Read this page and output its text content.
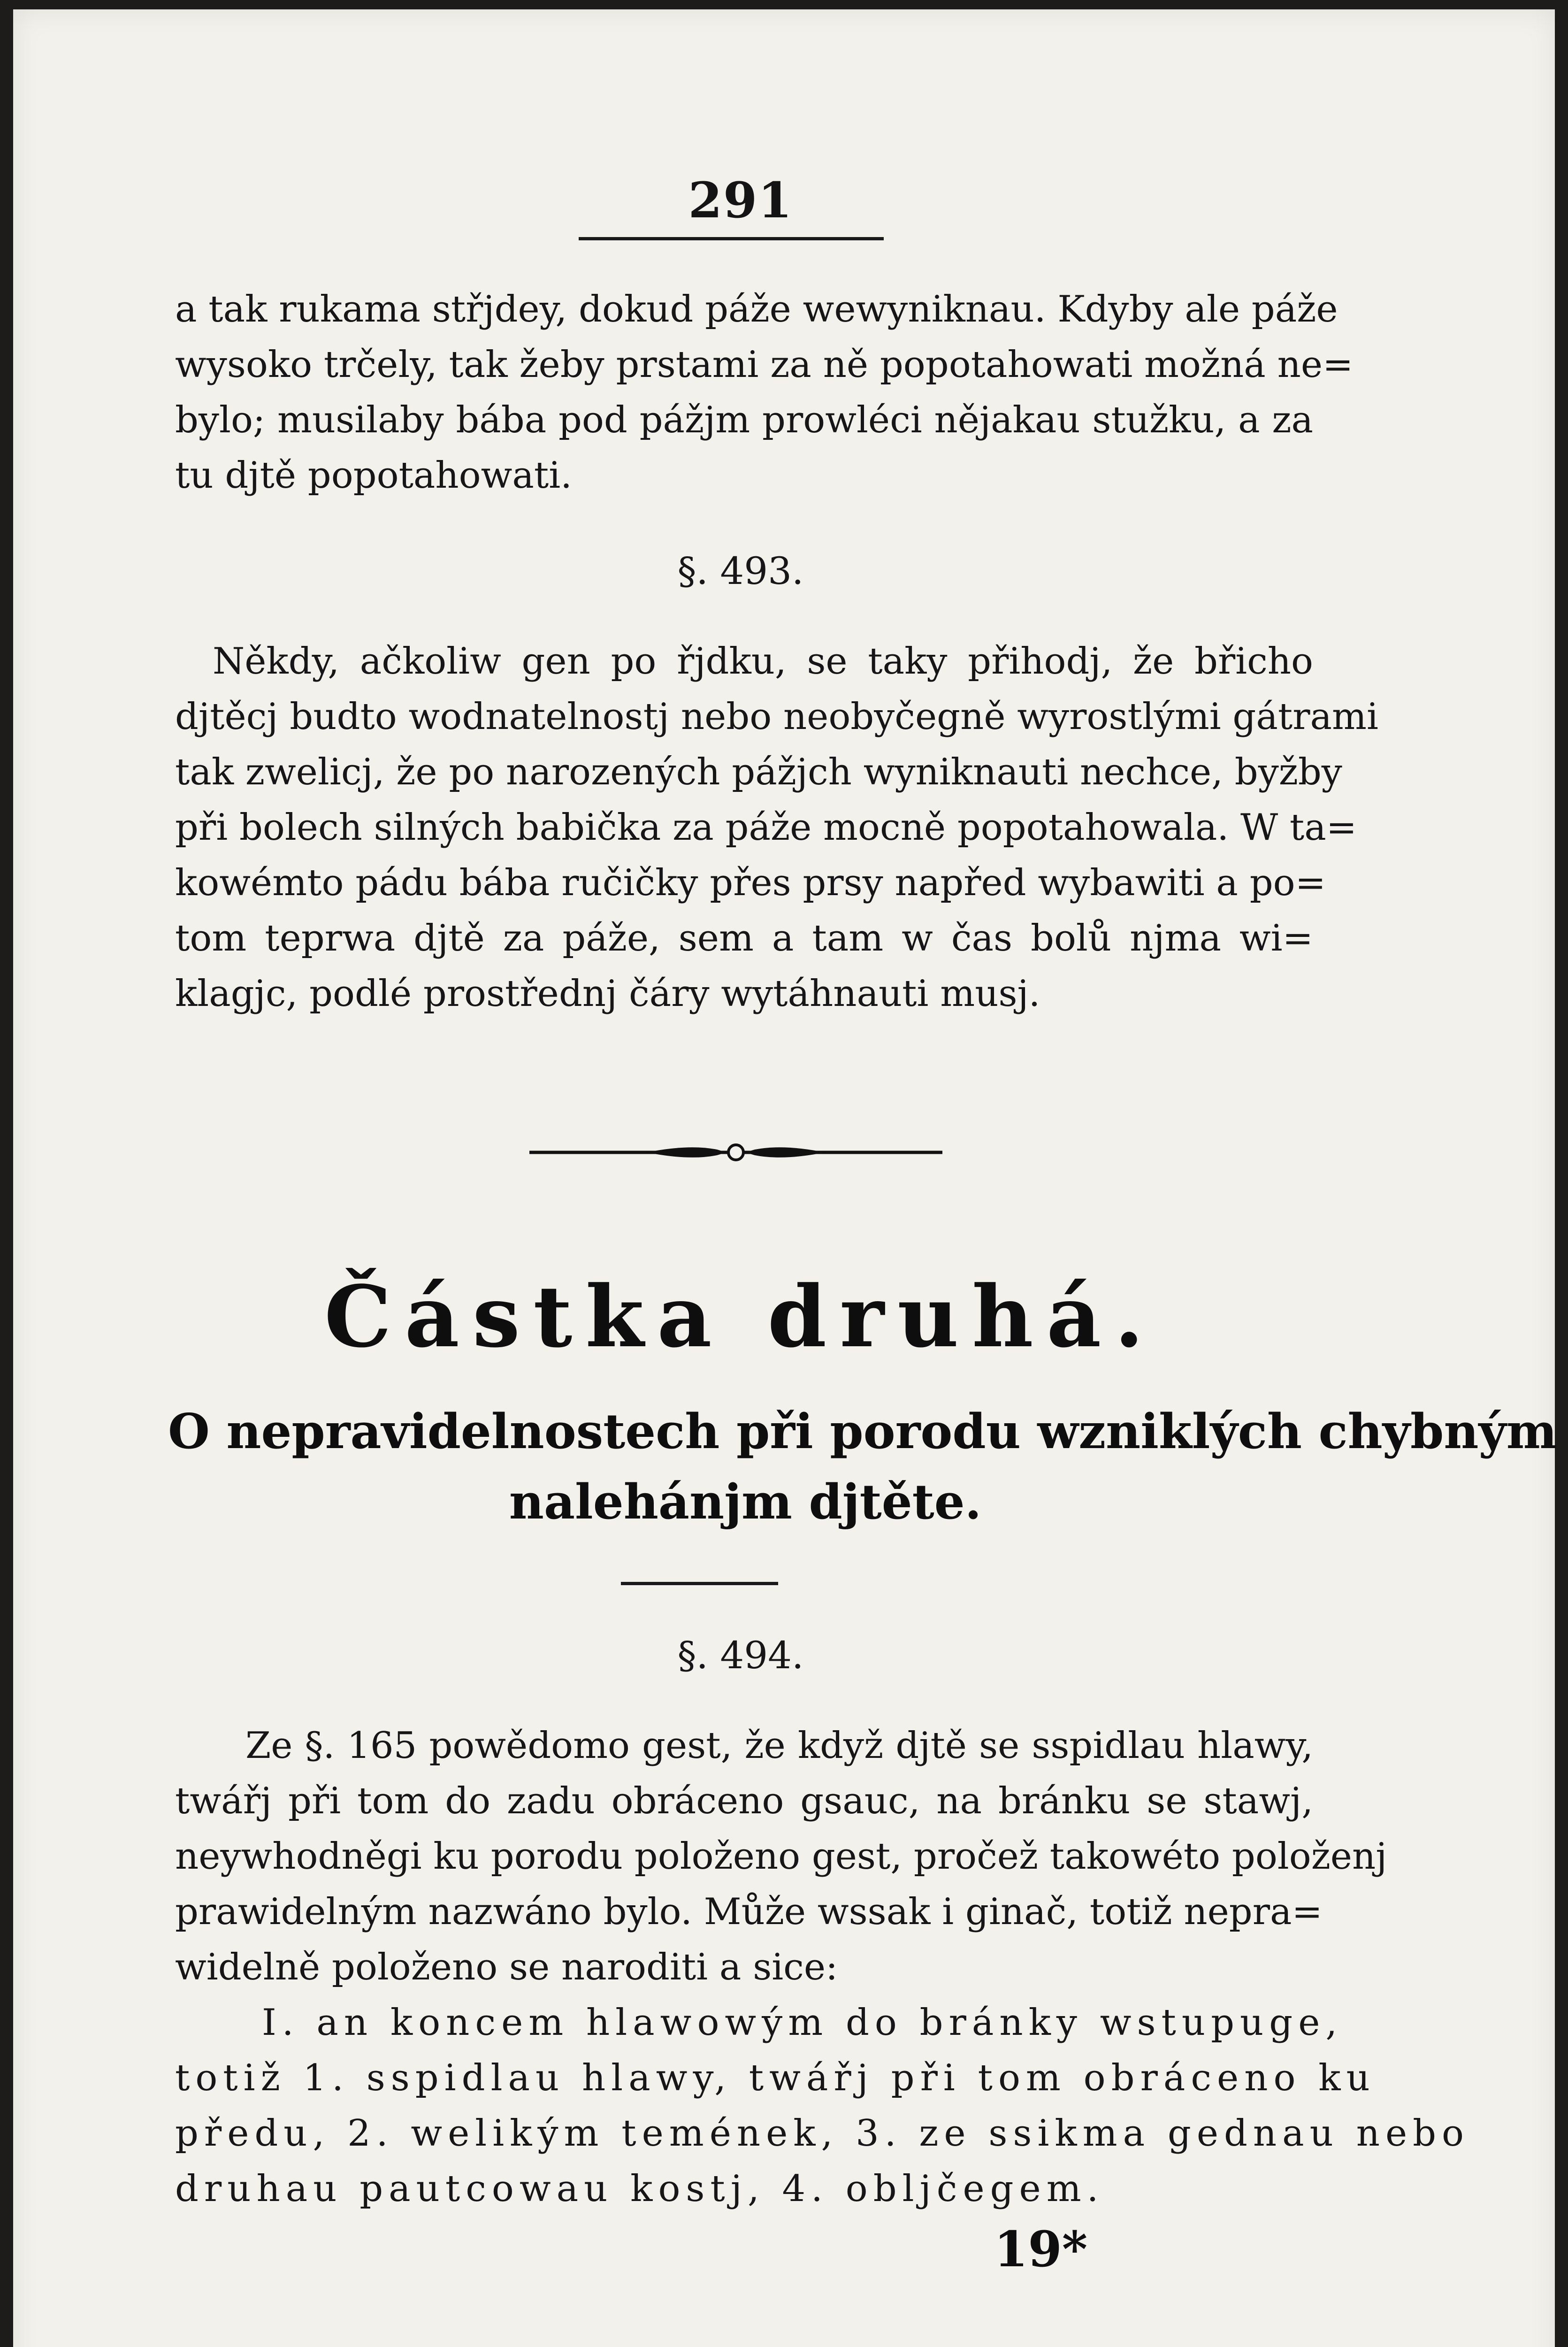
291
a tak rukama střjdey, dokud páže wewyniknau. Kdyby ale páže
wysoko trčely, tak žeby prstami za ně popotahowati možná ne=
bylo; musilaby bába pod pážjm prowléci nějakau stužku, a za
tu djtě popotahowati.
§. 493.
Někdy, ačkoliw gen po řjdku, se taky přihodj, že břicho
djtěcj budto wodnatelnostj nebo neobyčegně wyrostlými gátrami
tak zwelicj, že po narozených pážjch wyniknauti nechce, byžby
při bolech silných babička za páže mocně popotahowala. W ta=
kowémto pádu bába ručičky přes prsy napřed wybawiti a po=
tom teprwa djtě za páže, sem a tam w čas bolů njma wi=
klagjc, podlé prostřednj čáry wytáhnauti musj.
Částka druhá.
O nepravidelnostech při porodu wzniklých chybným
nalehánjm djtěte.
§. 494.
Ze §. 165 powědomo gest, že když djtě se sspidlau hlawy,
twářj při tom do zadu obráceno gsauc, na bránku se stawj,
neywhodněgi ku porodu položeno gest, pročež takowéto položenj
prawidelným nazwáno bylo. Může wssak i ginač, totiž nepra=
widelně položeno se naroditi a sice:
I. an koncem hlawowým do bránky wstupuge,
totiž 1. sspidlau hlawy, twářj při tom obráceno ku
předu, 2. welikým temének, 3. ze ssikma gednau nebo
druhau pautcowau kostj, 4. obljčegem.
19*
